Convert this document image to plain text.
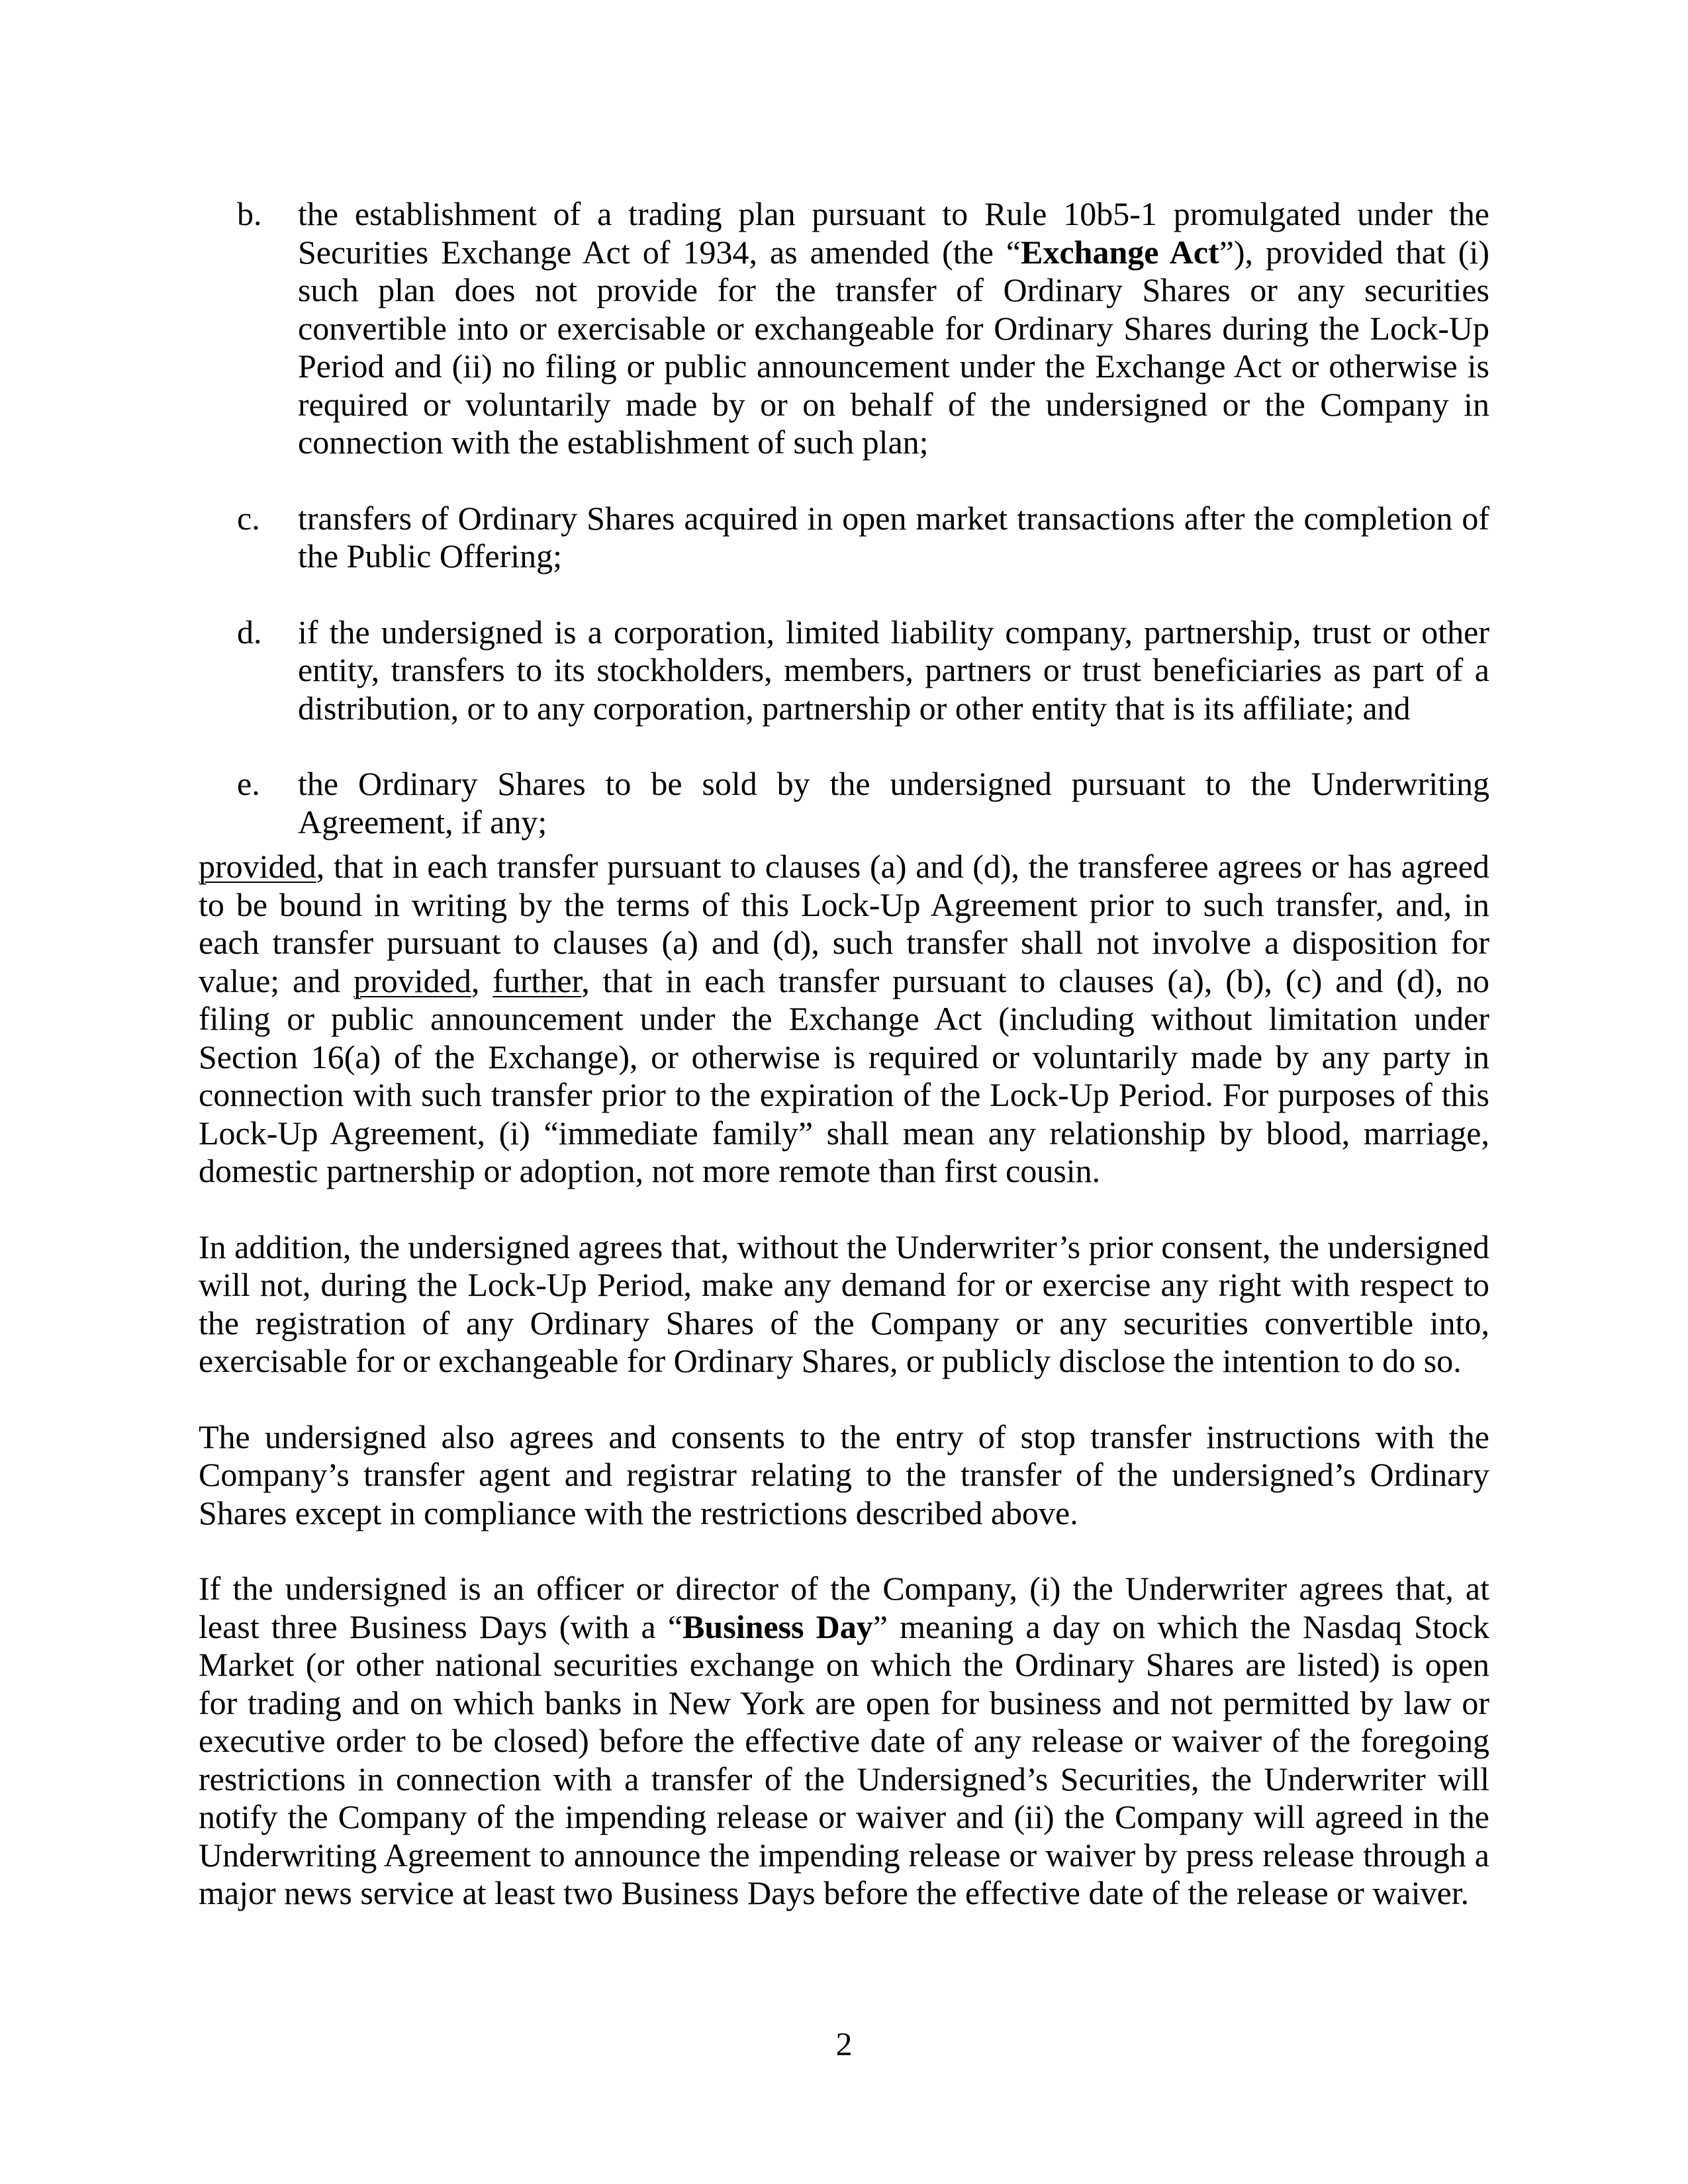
b. the establishment of a trading plan pursuant to Rule 10b5-1 promulgated under the Securities Exchange Act of 1934, as amended (the “Exchange Act”), provided that (i) such plan does not provide for the transfer of Ordinary Shares or any securities convertible into or exercisable or exchangeable for Ordinary Shares during the Lock-Up Period and (ii) no filing or public announcement under the Exchange Act or otherwise is required or voluntarily made by or on behalf of the undersigned or the Company in connection with the establishment of such plan;
c. transfers of Ordinary Shares acquired in open market transactions after the completion of the Public Offering;
d. if the undersigned is a corporation, limited liability company, partnership, trust or other entity, transfers to its stockholders, members, partners or trust beneficiaries as part of a distribution, or to any corporation, partnership or other entity that is its affiliate; and
e. the Ordinary Shares to be sold by the undersigned pursuant to the Underwriting Agreement, if any;
provided, that in each transfer pursuant to clauses (a) and (d), the transferee agrees or has agreed to be bound in writing by the terms of this Lock-Up Agreement prior to such transfer, and, in each transfer pursuant to clauses (a) and (d), such transfer shall not involve a disposition for value; and provided, further, that in each transfer pursuant to clauses (a), (b), (c) and (d), no filing or public announcement under the Exchange Act (including without limitation under Section 16(a) of the Exchange), or otherwise is required or voluntarily made by any party in connection with such transfer prior to the expiration of the Lock-Up Period. For purposes of this Lock-Up Agreement, (i) “immediate family” shall mean any relationship by blood, marriage, domestic partnership or adoption, not more remote than first cousin.
In addition, the undersigned agrees that, without the Underwriter’s prior consent, the undersigned will not, during the Lock-Up Period, make any demand for or exercise any right with respect to the registration of any Ordinary Shares of the Company or any securities convertible into, exercisable for or exchangeable for Ordinary Shares, or publicly disclose the intention to do so.
The undersigned also agrees and consents to the entry of stop transfer instructions with the Company’s transfer agent and registrar relating to the transfer of the undersigned’s Ordinary Shares except in compliance with the restrictions described above.
If the undersigned is an officer or director of the Company, (i) the Underwriter agrees that, at least three Business Days (with a “Business Day” meaning a day on which the Nasdaq Stock Market (or other national securities exchange on which the Ordinary Shares are listed) is open for trading and on which banks in New York are open for business and not permitted by law or executive order to be closed) before the effective date of any release or waiver of the foregoing restrictions in connection with a transfer of the Undersigned’s Securities, the Underwriter will notify the Company of the impending release or waiver and (ii) the Company will agreed in the Underwriting Agreement to announce the impending release or waiver by press release through a major news service at least two Business Days before the effective date of the release or waiver.
2
